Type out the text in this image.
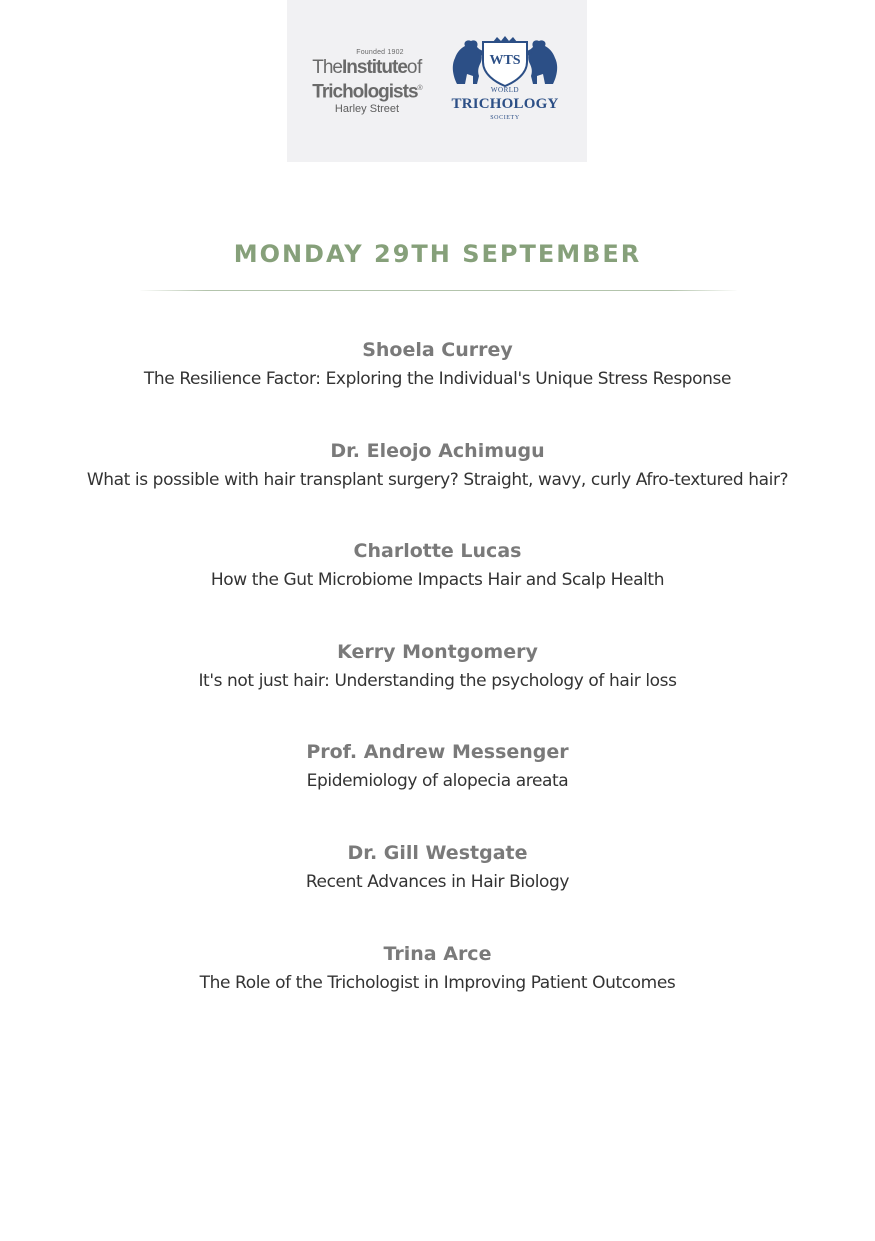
Founded 1902
TheInstituteof
Trichologists®
Harley Street
WTS
WORLD
TRICHOLOGY
SOCIETY
MONDAY 29TH SEPTEMBER
Shoela Currey
The Resilience Factor: Exploring the Individual's Unique Stress Response
Dr. Eleojo Achimugu
What is possible with hair transplant surgery? Straight, wavy, curly Afro-textured hair?
Charlotte Lucas
How the Gut Microbiome Impacts Hair and Scalp Health
Kerry Montgomery
It's not just hair: Understanding the psychology of hair loss
Prof. Andrew Messenger
Epidemiology of alopecia areata
Dr. Gill Westgate
Recent Advances in Hair Biology
Trina Arce
The Role of the Trichologist in Improving Patient Outcomes
